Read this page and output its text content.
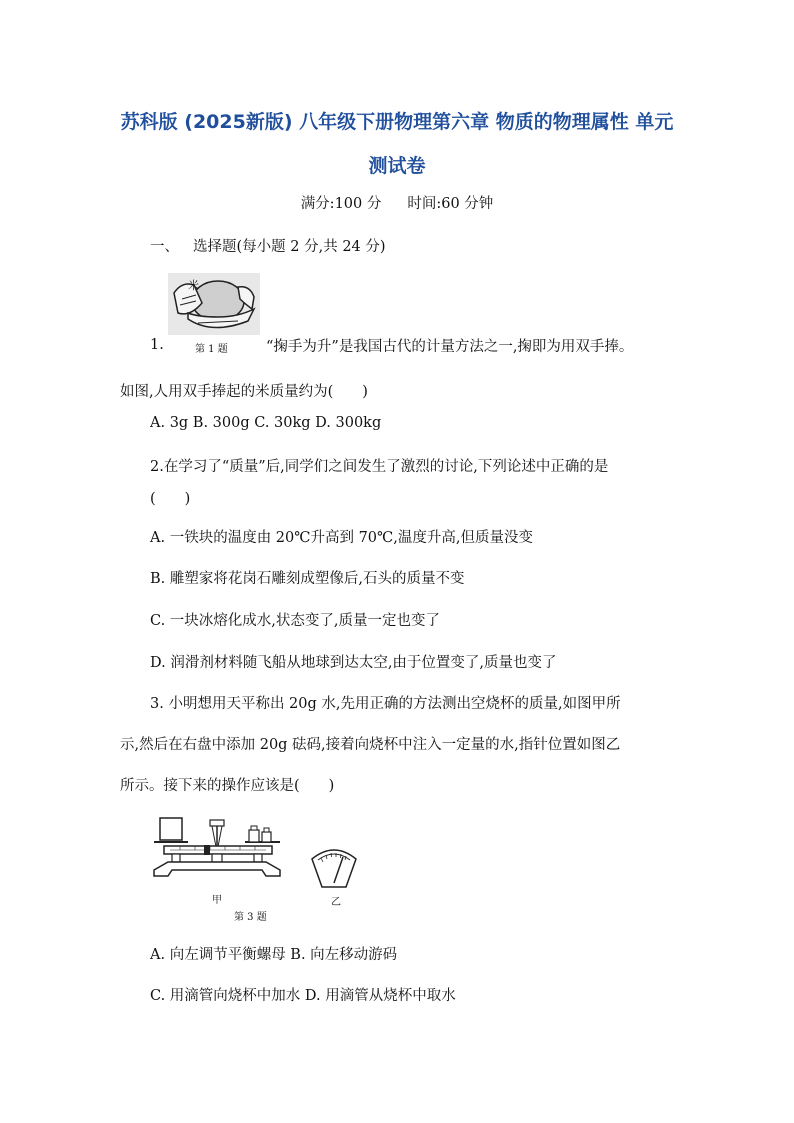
苏科版 (2025新版) 八年级下册物理第六章 物质的物理属性 单元
测试卷
满分:100 分 时间:60 分钟
一、 选择题(每小题 2 分,共 24 分)
米
1.	第 1 题	“掬手为升”是我国古代的计量方法之一,掬即为用双手捧。
如图,人用双手捧起的米质量约为(　　)
A. 3g B. 300g C. 30kg D. 300kg
2.在学习了“质量”后,同学们之间发生了激烈的讨论,下列论述中正确的是
(　　)
A. 一铁块的温度由 20℃升高到 70℃,温度升高,但质量没变
B. 雕塑家将花岗石雕刻成塑像后,石头的质量不变
C. 一块冰熔化成水,状态变了,质量一定也变了
D. 润滑剂材料随飞船从地球到达太空,由于位置变了,质量也变了
3. 小明想用天平称出 20g 水,先用正确的方法测出空烧杯的质量,如图甲所
示,然后在右盘中添加 20g 砝码,接着向烧杯中注入一定量的水,指针位置如图乙
所示。接下来的操作应该是(　　)
甲
第 3 题
乙
A. 向左调节平衡螺母 B. 向左移动游码
C. 用滴管向烧杯中加水 D. 用滴管从烧杯中取水
